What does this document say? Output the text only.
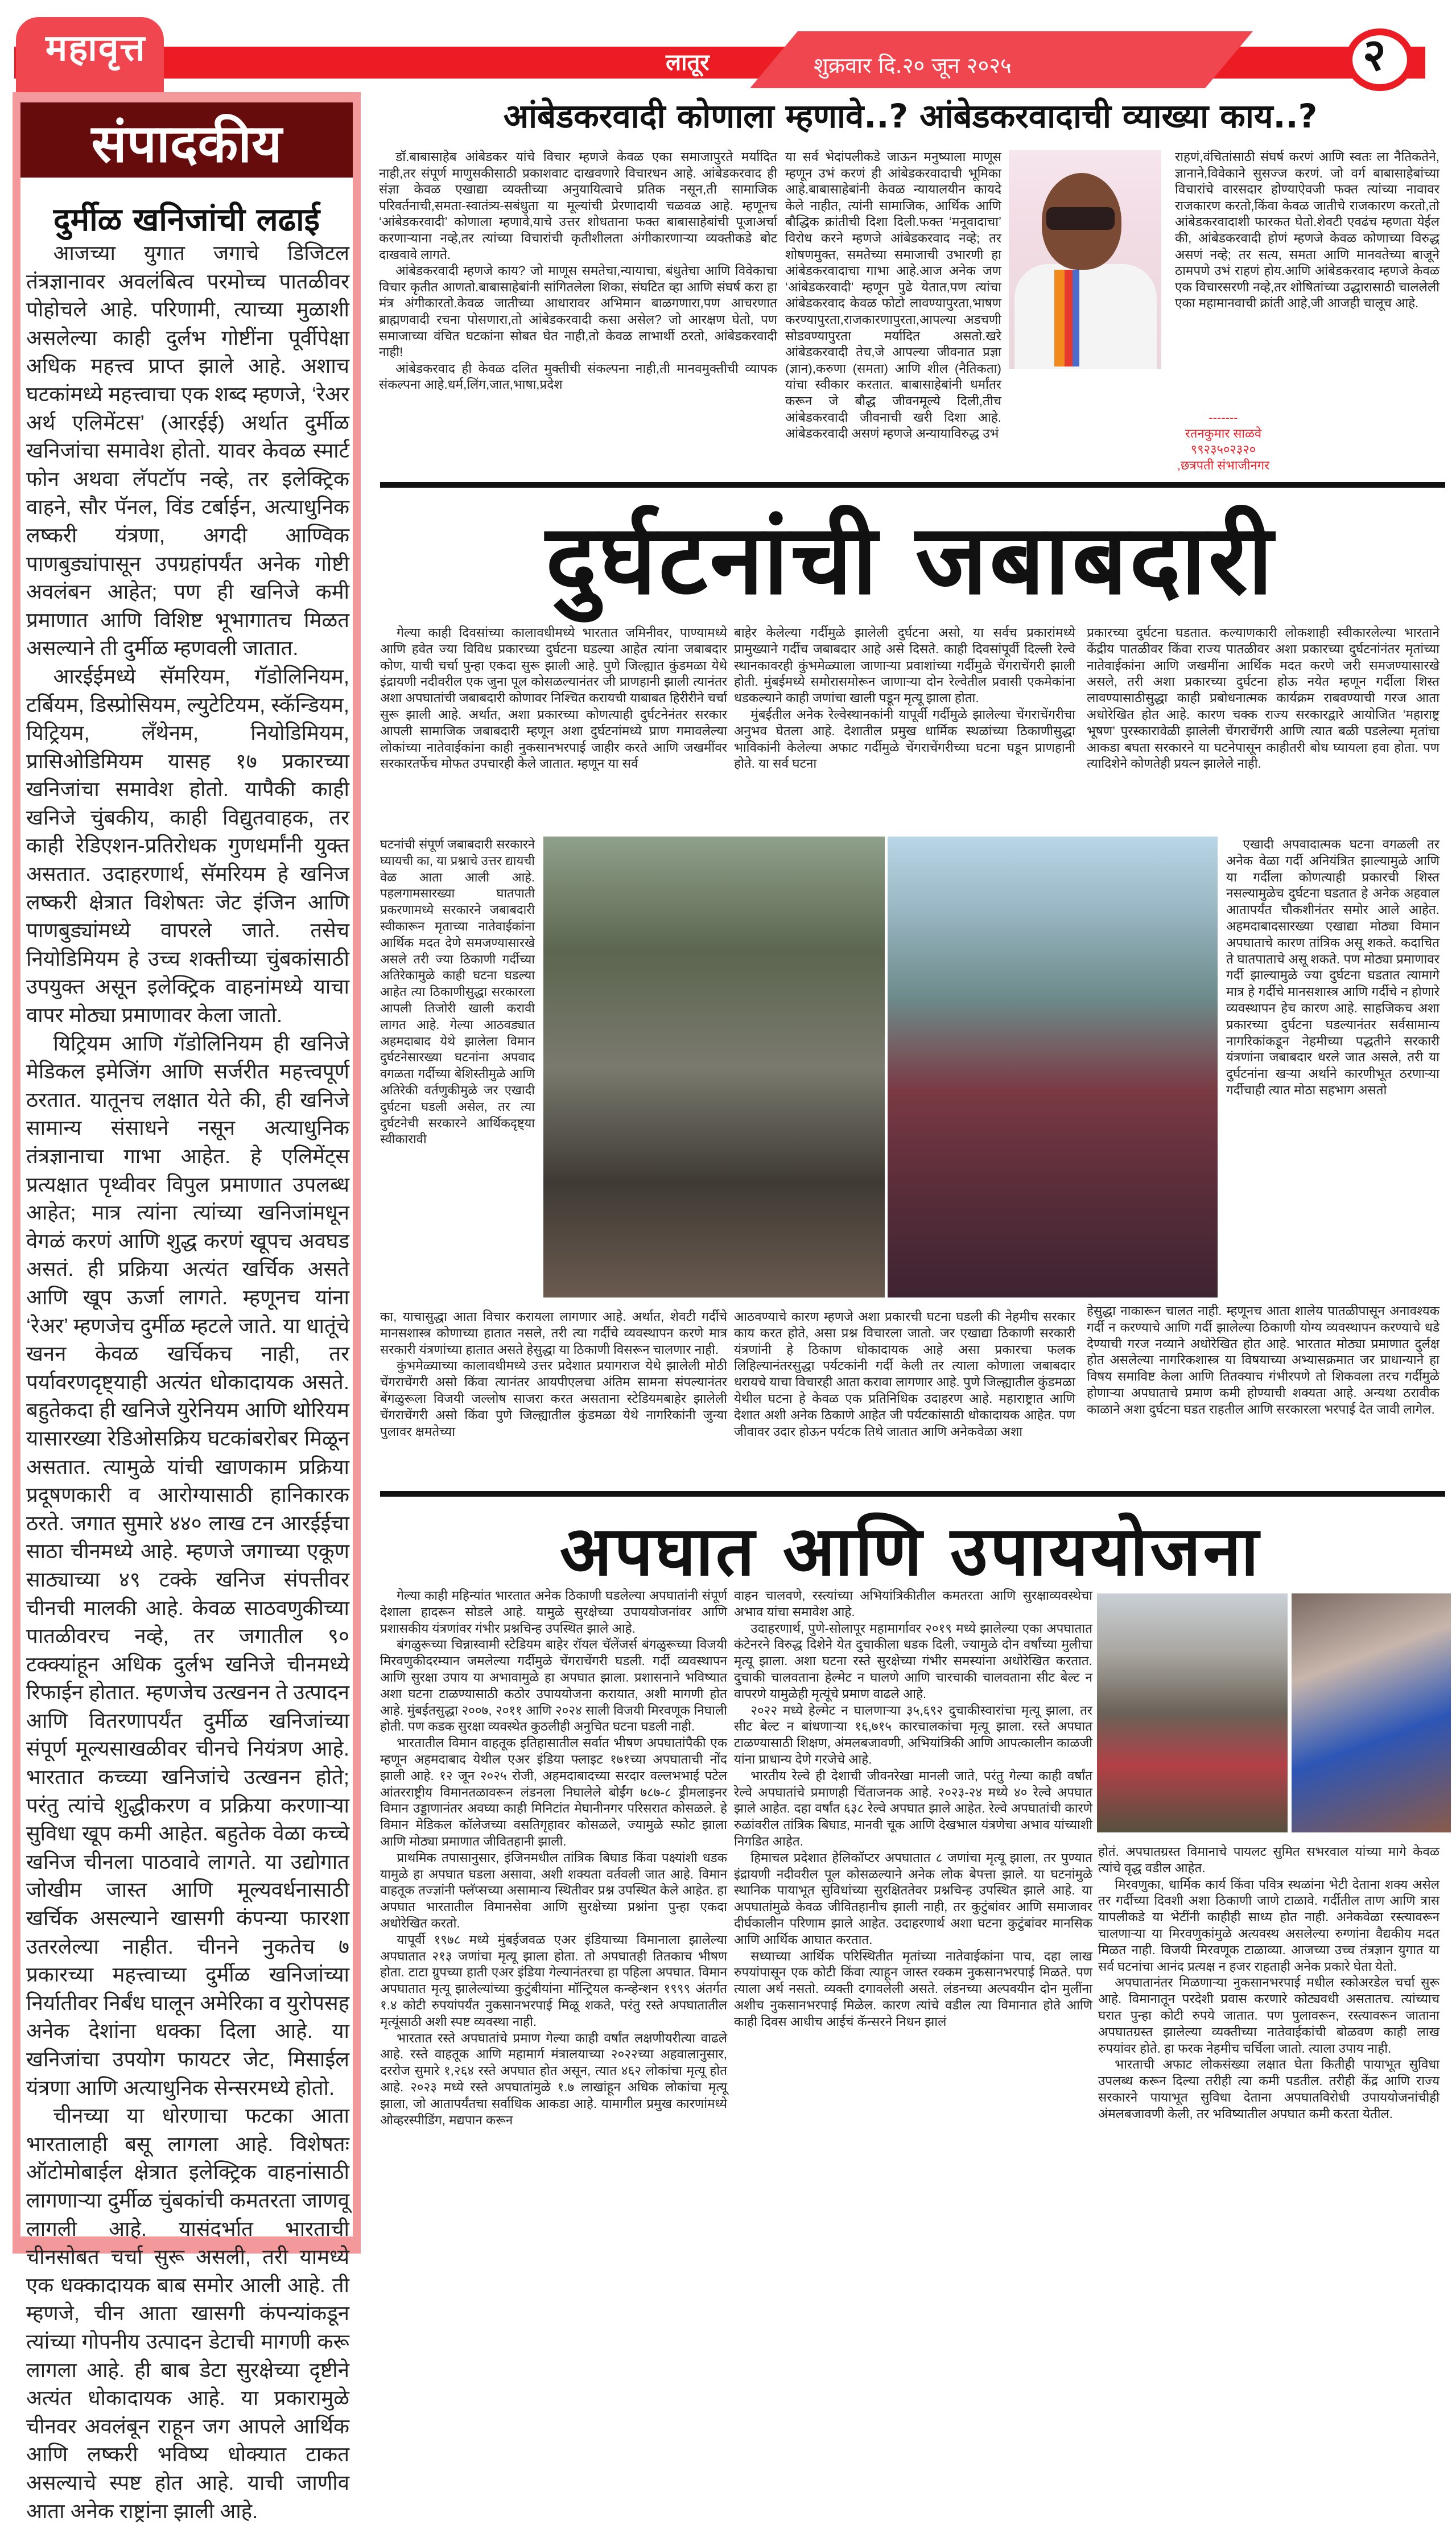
महावृत्त	लातूर	शुक्रवार दि.२० जून २०२५	२
संपादकीय
दुर्मीळ खनिजांची लढाई

आजच्या युगात जगाचे डिजिटल तंत्रज्ञानावर अवलंबित्व परमोच्च पातळीवर पोहोचले आहे. परिणामी, त्याच्या मुळाशी असलेल्या काही दुर्लभ गोष्टींना पूर्वीपेक्षा अधिक महत्त्व प्राप्त झाले आहे. अशाच घटकांमध्ये महत्त्वाचा एक शब्द म्हणजे, ‘रेअर अर्थ एलिमेंटस’ (आरईई) अर्थात दुर्मीळ खनिजांचा समावेश होतो. यावर केवळ स्मार्ट फोन अथवा लॅपटॉप नव्हे, तर इलेक्ट्रिक वाहने, सौर पॅनल, विंड टर्बाईन, अत्याधुनिक लष्करी यंत्रणा, अगदी आण्विक पाणबुड्यांपासून उपग्रहांपर्यंत अनेक गोष्टी अवलंबन आहेत; पण ही खनिजे कमी प्रमाणात आणि विशिष्ट भूभागातच मिळत असल्याने ती दुर्मीळ म्हणवली जातात.

आरईईमध्ये सॅमरियम, गॅडोलिनियम, टर्बियम, डिस्प्रोसियम, ल्युटेटियम, स्कॅन्डियम, यिट्रियम, लॅंथेनम, नियोडिमियम, प्रासिओडिमियम यासह १७ प्रकारच्या खनिजांचा समावेश होतो. यापैकी काही खनिजे चुंबकीय, काही विद्युतवाहक, तर काही रेडिएशन-प्रतिरोधक गुणधर्मांनी युक्त असतात. उदाहरणार्थ, सॅमरियम हे खनिज लष्करी क्षेत्रात विशेषतः जेट इंजिन आणि पाणबुड्यांमध्ये वापरले जाते. तसेच नियोडिमियम हे उच्च शक्तीच्या चुंबकांसाठी उपयुक्त असून इलेक्ट्रिक वाहनांमध्ये याचा वापर मोठ्या प्रमाणावर केला जातो.

यिट्रियम आणि गॅडोलिनियम ही खनिजे मेडिकल इमेजिंग आणि सर्जरीत महत्त्वपूर्ण ठरतात. यातूनच लक्षात येते की, ही खनिजे सामान्य संसाधने नसून अत्याधुनिक तंत्रज्ञानाचा गाभा आहेत. हे एलिमेंट्स प्रत्यक्षात पृथ्वीवर विपुल प्रमाणात उपलब्ध आहेत; मात्र त्यांना त्यांच्या खनिजांमधून वेगळं करणं आणि शुद्ध करणं खूपच अवघड असतं. ही प्रक्रिया अत्यंत खर्चिक असते आणि खूप ऊर्जा लागते. म्हणूनच यांना ‘रेअर’ म्हणजेच दुर्मीळ म्हटले जाते. या धातूंचे खनन केवळ खर्चिकच नाही, तर पर्यावरणदृष्ट्याही अत्यंत धोकादायक असते. बहुतेकदा ही खनिजे युरेनियम आणि थोरियम यासारख्या रेडिओसक्रिय घटकांबरोबर मिळून असतात. त्यामुळे यांची खाणकाम प्रक्रिया प्रदूषणकारी व आरोग्यासाठी हानिकारक ठरते. जगात सुमारे ४४० लाख टन आरईईचा साठा चीनमध्ये आहे. म्हणजे जगाच्या एकूण साठ्याच्या ४९ टक्के खनिज संपत्तीवर चीनची मालकी आहे. केवळ साठवणुकीच्या पातळीवरच नव्हे, तर जगातील ९० टक्क्यांहून अधिक दुर्लभ खनिजे चीनमध्ये रिफाईन होतात. म्हणजेच उत्खनन ते उत्पादन आणि वितरणापर्यंत दुर्मीळ खनिजांच्या संपूर्ण मूल्यसाखळीवर चीनचे नियंत्रण आहे. भारतात कच्च्या खनिजांचे उत्खनन होते; परंतु त्यांचे शुद्धीकरण व प्रक्रिया करणाऱ्या सुविधा खूप कमी आहेत. बहुतेक वेळा कच्चे खनिज चीनला पाठवावे लागते. या उद्योगात जोखीम जास्त आणि मूल्यवर्धनासाठी खर्चिक असल्याने खासगी कंपन्या फारशा उतरलेल्या नाहीत. चीनने नुकतेच ७ प्रकारच्या महत्त्वाच्या दुर्मीळ खनिजांच्या निर्यातीवर निर्बंध घालून अमेरिका व युरोपसह अनेक देशांना धक्का दिला आहे. या खनिजांचा उपयोग फायटर जेट, मिसाईल यंत्रणा आणि अत्याधुनिक सेन्सरमध्ये होतो.

चीनच्या या धोरणाचा फटका आता भारतालाही बसू लागला आहे. विशेषतः ऑटोमोबाईल क्षेत्रात इलेक्ट्रिक वाहनांसाठी लागणाऱ्या दुर्मीळ चुंबकांची कमतरता जाणवू लागली आहे. यासंदर्भात भारताची चीनसोबत चर्चा सुरू असली, तरी यामध्ये एक धक्कादायक बाब समोर आली आहे. ती म्हणजे, चीन आता खासगी कंपन्यांकडून त्यांच्या गोपनीय उत्पादन डेटाची मागणी करू लागला आहे. ही बाब डेटा सुरक्षेच्या दृष्टीने अत्यंत धोकादायक आहे. या प्रकारामुळे चीनवर अवलंबून राहून जग आपले आर्थिक आणि लष्करी भविष्य धोक्यात टाकत असल्याचे स्पष्ट होत आहे. याची जाणीव आता अनेक राष्ट्रांना झाली आहे.

आंबेडकरवादी कोणाला म्हणावे..? आंबेडकरवादाची व्याख्या काय..?

डॉ.बाबासाहेब आंबेडकर यांचे विचार म्हणजे केवळ एका समाजापुरते मर्यादित नाही,तर संपूर्ण माणुसकीसाठी प्रकाशवाट दाखवणारे विचारधन आहे. आंबेडकरवाद ही संज्ञा केवळ एखाद्या व्यक्तीच्या अनुयायित्वाचे प्रतिक नसून,ती सामाजिक परिवर्तनाची,समता-स्वातंत्र्य-सबंधुता या मूल्यांची प्रेरणादायी चळवळ आहे. म्हणूनच ‘आंबेडकरवादी’ कोणाला म्हणावे,याचे उत्तर शोधताना फक्त बाबासाहेबांची पूजाअर्चा करणाऱ्याना नव्हे,तर त्यांच्या विचारांची कृतीशीलता अंगीकारणाऱ्या व्यक्तीकडे बोट दाखवावे लागते.

आंबेडकरवादी म्हणजे काय? जो माणूस समतेचा,न्यायाचा, बंधुतेचा आणि विवेकाचा विचार कृतीत आणतो.बाबासाहेबांनी सांगितलेला शिका, संघटित व्हा आणि संघर्ष करा हा मंत्र अंगीकारतो.केवळ जातीच्या आधारावर अभिमान बाळगणारा,पण आचरणात ब्राह्मणवादी रचना पोसणारा,तो आंबेडकरवादी कसा असेल? जो आरक्षण घेतो, पण समाजाच्या वंचित घटकांना सोबत घेत नाही,तो केवळ लाभार्थी ठरतो, आंबेडकरवादी नाही!

आंबेडकरवाद ही केवळ दलित मुक्तीची संकल्पना नाही,ती मानवमुक्तीची व्यापक संकल्पना आहे.धर्म,लिंग,जात,भाषा,प्रदेश

या सर्व भेदांपलीकडे जाऊन मनुष्याला माणूस म्हणून उभं करणं ही आंबेडकरवादाची भूमिका आहे.बाबासाहेबांनी केवळ न्यायालयीन कायदे केले नाहीत, त्यांनी सामाजिक, आर्थिक आणि बौद्धिक क्रांतीची दिशा दिली.फक्त ‘मनूवादाचा’ विरोध करने म्हणजे आंबेडकरवाद नव्हे; तर शोषणमुक्त, समतेच्या समाजाची उभारणी हा आंबेडकरवादाचा गाभा आहे.आज अनेक जण ‘आंबेडकरवादी’ म्हणून पुढे येतात,पण त्यांचा आंबेडकरवाद केवळ फोटो लावण्यापुरता,भाषण करण्यापुरता,राजकारणापुरता,आपल्या अडचणी सोडवण्यापुरता मर्यादित असतो.खरे आंबेडकरवादी तेच,जे आपल्या जीवनात प्रज्ञा (ज्ञान),करुणा (समता) आणि शील (नैतिकता) यांचा स्वीकार करतात. बाबासाहेबांनी धर्मांतर करून जे बौद्ध जीवनमूल्ये दिली,तीच आंबेडकरवादी जीवनाची खरी दिशा आहे. आंबेडकरवादी असणं म्हणजे अन्यायाविरुद्ध उभं

राहणं,वंचितांसाठी संघर्ष करणं आणि स्वतः ला नैतिकतेने, ज्ञानाने,विवेकाने सुसज्ज करणं. जो वर्ग बाबासाहेबांच्या विचारांचे वारसदार होण्याऐवजी फक्त त्यांच्या नावावर राजकारण करतो,किंवा केवळ जातीचे राजकारण करतो,तो आंबेडकरवादाशी फारकत घेतो.शेवटी एवढंच म्हणता येईल की, आंबेडकरवादी होणं म्हणजे केवळ कोणाच्या विरुद्ध असणं नव्हे; तर सत्य, समता आणि मानवतेच्या बाजूने ठामपणे उभं राहणं होय.आणि आंबेडकरवाद म्हणजे केवळ एक विचारसरणी नव्हे,तर शोषितांच्या उद्धारासाठी चाललेली एका महामानवाची क्रांती आहे,जी आजही चालूच आहे.

-------
रतनकुमार साळवे
९९२३५०२३२०
,छत्रपती संभाजीनगर
दुर्घटनांची जबाबदारी

गेल्या काही दिवसांच्या कालावधीमध्ये भारतात जमिनीवर, पाण्यामध्ये आणि हवेत ज्या विविध प्रकारच्या दुर्घटना घडल्या आहेत त्यांना जबाबदार कोण, याची चर्चा पुन्हा एकदा सुरू झाली आहे. पुणे जिल्ह्यात कुंडमळा येथे इंद्रायणी नदीवरील एक जुना पूल कोसळल्यानंतर जी प्राणहानी झाली त्यानंतर अशा अपघातांची जबाबदारी कोणावर निश्चित करायची याबाबत हिरीरीने चर्चा सुरू झाली आहे. अर्थात, अशा प्रकारच्या कोणत्याही दुर्घटनेनंतर सरकार आपली सामाजिक जबाबदारी म्हणून अशा दुर्घटनांमध्ये प्राण गमावलेल्या लोकांच्या नातेवाईकांना काही नुकसानभरपाई जाहीर करते आणि जखमींवर सरकारतर्फेच मोफत उपचारही केले जातात. म्हणून या सर्व

घटनांची संपूर्ण जबाबदारी सरकारने घ्यायची का, या प्रश्नाचे उत्तर द्यायची वेळ आता आली आहे. पहलगामसारख्या घातपाती प्रकरणामध्ये सरकारने जबाबदारी स्वीकारून मृताच्या नातेवाईकांना आर्थिक मदत देणे समजण्यासारखे असले तरी ज्या ठिकाणी गर्दीच्या अतिरेकामुळे काही घटना घडल्या आहेत त्या ठिकाणीसुद्धा सरकारला आपली तिजोरी खाली करावी लागत आहे. गेल्या आठवड्यात अहमदाबाद येथे झालेला विमान दुर्घटनेसारख्या घटनांना अपवाद वगळता गर्दीच्या बेशिस्तीमुळे आणि अतिरेकी वर्तणुकीमुळे जर एखादी दुर्घटना घडली असेल, तर त्या दुर्घटनेची सरकारने आर्थिकदृष्ट्या स्वीकारावी

बाहेर केलेल्या गर्दीमुळे झालेली दुर्घटना असो, या सर्वच प्रकारांमध्ये प्रामुख्याने गर्दीच जबाबदार आहे असे दिसते. काही दिवसांपूर्वी दिल्ली रेल्वे स्थानकावरही कुंभमेळ्याला जाणाऱ्या प्रवाशांच्या गर्दीमुळे चेंगराचेंगरी झाली होती. मुंबईमध्ये समोरासमोरून जाणाऱ्या दोन रेल्वेतील प्रवासी एकमेकांना धडकल्याने काही जणांचा खाली पडून मृत्यू झाला होता.

मुंबईतील अनेक रेल्वेस्थानकांनी यापूर्वी गर्दीमुळे झालेल्या चेंगराचेंगरीचा अनुभव घेतला आहे. देशातील प्रमुख धार्मिक स्थळांच्या ठिकाणीसुद्धा भाविकांनी केलेल्या अफाट गर्दीमुळे चेंगराचेंगरीच्या घटना घडून प्राणहानी होते. या सर्व घटना

प्रकारच्या दुर्घटना घडतात. कल्याणकारी लोकशाही स्वीकारलेल्या भारताने केंद्रीय पातळीवर किंवा राज्य पातळीवर अशा प्रकारच्या दुर्घटनांनंतर मृतांच्या नातेवाईकांना आणि जखमींना आर्थिक मदत करणे जरी समजण्यासारखे असले, तरी अशा प्रकारच्या दुर्घटना होऊ नयेत म्हणून गर्दीला शिस्त लावण्यासाठीसुद्धा काही प्रबोधनात्मक कार्यक्रम राबवण्याची गरज आता अधोरेखित होत आहे. कारण चक्क राज्य सरकारद्वारे आयोजित ‘महाराष्ट्र भूषण’ पुरस्कारावेळी झालेली चेंगराचेंगरी आणि त्यात बळी पडलेल्या मृतांचा आकडा बघता सरकारने या घटनेपासून काहीतरी बोध घ्यायला हवा होता. पण त्यादिशेने कोणतेही प्रयत्न झालेले नाही.

एखादी अपवादात्मक घटना वगळली तर अनेक वेळा गर्दी अनियंत्रित झाल्यामुळे आणि या गर्दीला कोणत्याही प्रकारची शिस्त नसल्यामुळेच दुर्घटना घडतात हे अनेक अहवाल आतापर्यंत चौकशीनंतर समोर आले आहेत. अहमदाबादसारख्या एखाद्या मोठ्या विमान अपघाताचे कारण तांत्रिक असू शकते. कदाचित ते घातपाताचे असू शकते. पण मोठ्या प्रमाणावर गर्दी झाल्यामुळे ज्या दुर्घटना घडतात त्यामागे मात्र हे गर्दीचे मानसशास्त्र आणि गर्दीचे न होणारे व्यवस्थापन हेच कारण आहे. साहजिकच अशा प्रकारच्या दुर्घटना घडल्यानंतर सर्वसामान्य नागरिकांकडून नेहमीच्या पद्धतीने सरकारी यंत्रणांना जबाबदार धरले जात असले, तरी या दुर्घटनांना खऱ्या अर्थाने कारणीभूत ठरणाऱ्या गर्दीचाही त्यात मोठा सहभाग असतो

का, याचासुद्धा आता विचार करायला लागणार आहे. अर्थात, शेवटी गर्दीचे मानसशास्त्र कोणाच्या हातात नसले, तरी त्या गर्दीचे व्यवस्थापन करणे मात्र सरकारी यंत्रणांच्या हातात असते हेसुद्धा या ठिकाणी विसरून चालणार नाही.

कुंभमेळ्याच्या कालावधीमध्ये उत्तर प्रदेशात प्रयागराज येथे झालेली मोठी चेंगराचेंगरी असो किंवा त्यानंतर आयपीएलचा अंतिम सामना संपल्यानंतर बेंगळुरूला विजयी जल्लोष साजरा करत असताना स्टेडियमबाहेर झालेली चेंगराचेंगरी असो किंवा पुणे जिल्ह्यातील कुंडमळा येथे नागरिकांनी जुन्या पुलावर क्षमतेच्या

आठवण्याचे कारण म्हणजे अशा प्रकारची घटना घडली की नेहमीच सरकार काय करत होते, असा प्रश्न विचारला जातो. जर एखाद्या ठिकाणी सरकारी यंत्रणांनी हे ठिकाण धोकादायक आहे असा प्रकारचा फलक लिहिल्यानंतरसुद्धा पर्यटकांनी गर्दी केली तर त्याला कोणाला जबाबदार धरायचे याचा विचारही आता करावा लागणार आहे. पुणे जिल्ह्यातील कुंडमळा येथील घटना हे केवळ एक प्रतिनिधिक उदाहरण आहे. महाराष्ट्रात आणि देशात अशी अनेक ठिकाणे आहेत जी पर्यटकांसाठी धोकादायक आहेत. पण जीवावर उदार होऊन पर्यटक तिथे जातात आणि अनेकवेळा अशा

हेसुद्धा नाकारून चालत नाही. म्हणूनच आता शालेय पातळीपासून अनावश्यक गर्दी न करण्याचे आणि गर्दी झालेल्या ठिकाणी योग्य व्यवस्थापन करण्याचे धडे देण्याची गरज नव्याने अधोरेखित होत आहे. भारतात मोठ्या प्रमाणात दुर्लक्ष होत असलेल्या नागरिकशास्त्र या विषयाच्या अभ्यासक्रमात जर प्राधान्याने हा विषय समाविष्ट केला आणि तितक्याच गंभीरपणे तो शिकवला तरच गर्दीमुळे होणाऱ्या अपघाताचे प्रमाण कमी होण्याची शक्यता आहे. अन्यथा ठरावीक काळाने अशा दुर्घटना घडत राहतील आणि सरकारला भरपाई देत जावी लागेल.

अपघात आणि उपाययोजना

गेल्या काही महिन्यांत भारतात अनेक ठिकाणी घडलेल्या अपघातांनी संपूर्ण देशाला हादरून सोडले आहे. यामुळे सुरक्षेच्या उपाययोजनांवर आणि प्रशासकीय यंत्रणांवर गंभीर प्रश्नचिन्ह उपस्थित झाले आहे.

बंगळुरूच्या चिन्नास्वामी स्टेडियम बाहेर रॉयल चॅलेंजर्स बंगळुरूच्या विजयी मिरवणुकीदरम्यान जमलेल्या गर्दीमुळे चेंगराचेंगरी घडली. गर्दी व्यवस्थापन आणि सुरक्षा उपाय या अभावामुळे हा अपघात झाला. प्रशासनाने भविष्यात अशा घटना टाळण्यासाठी कठोर उपाययोजना करायात, अशी मागणी होत आहे. मुंबईतसुद्धा २००७, २०११ आणि २०२४ साली विजयी मिरवणूक निघाली होती. पण कडक सुरक्षा व्यवस्थेत कुठलीही अनुचित घटना घडली नाही.

भारतातील विमान वाहतूक इतिहासातील सर्वात भीषण अपघातांपैकी एक म्हणून अहमदाबाद येथील एअर इंडिया फ्लाइट १७१च्या अपघाताची नोंद झाली आहे. १२ जून २०२५ रोजी, अहमदाबादच्या सरदार वल्लभभाई पटेल आंतरराष्ट्रीय विमानतळावरून लंडनला निघालेले बोईंग ७८७-८ ड्रीमलाइनर विमान उड्डाणानंतर अवघ्या काही मिनिटांत मेघानीनगर परिसरात कोसळले. हे विमान मेडिकल कॉलेजच्या वसतिगृहावर कोसळले, ज्यामुळे स्फोट झाला आणि मोठ्या प्रमाणात जीवितहानी झाली.

प्राथमिक तपासानुसार, इंजिनमधील तांत्रिक बिघाड किंवा पक्ष्यांशी धडक यामुळे हा अपघात घडला असावा, अशी शक्यता वर्तवली जात आहे. विमान वाहतूक तज्ज्ञांनी फ्लॅप्सच्या असामान्य स्थितीवर प्रश्न उपस्थित केले आहेत. हा अपघात भारतातील विमानसेवा आणि सुरक्षेच्या प्रश्नांना पुन्हा एकदा अधोरेखित करतो.

यापूर्वी १९७८ मध्ये मुंबईजवळ एअर इंडियाच्या विमानाला झालेल्या अपघातात २१३ जणांचा मृत्यू झाला होता. तो अपघातही तितकाच भीषण होता. टाटा ग्रुपच्या हाती एअर इंडिया गेल्यानंतरचा हा पहिला अपघात. विमान अपघातात मृत्यू झालेल्यांच्या कुटुंबीयांना मॉन्ट्रियल कन्व्हेन्शन १९९९ अंतर्गत १.४ कोटी रुपयांपर्यंत नुकसानभरपाई मिळू शकते, परंतु रस्ते अपघातातील मृत्यूंसाठी अशी स्पष्ट व्यवस्था नाही.

भारतात रस्ते अपघातांचे प्रमाण गेल्या काही वर्षांत लक्षणीयरीत्या वाढले आहे. रस्ते वाहतूक आणि महामार्ग मंत्रालयाच्या २०२२च्या अहवालानुसार, दररोज सुमारे १,२६४ रस्ते अपघात होत असून, त्यात ४६२ लोकांचा मृत्यू होत आहे. २०२३ मध्ये रस्ते अपघातांमुळे १.७ लाखांहून अधिक लोकांचा मृत्यू झाला, जो आतापर्यंतचा सर्वाधिक आकडा आहे. यामागील प्रमुख कारणांमध्ये ओव्हरस्पीडिंग, मद्यपान करून

वाहन चालवणे, रस्त्यांच्या अभियांत्रिकीतील कमतरता आणि सुरक्षाव्यवस्थेचा अभाव यांचा समावेश आहे.

उदाहरणार्थ, पुणे-सोलापूर महामार्गावर २०१९ मध्ये झालेल्या एका अपघातात कंटेनरने विरुद्ध दिशेने येत दुचाकीला धडक दिली, ज्यामुळे दोन वर्षांच्या मुलीचा मृत्यू झाला. अशा घटना रस्ते सुरक्षेच्या गंभीर समस्यांना अधोरेखित करतात. दुचाकी चालवताना हेल्मेट न घालणे आणि चारचाकी चालवताना सीट बेल्ट न वापरणे यामुळेही मृत्यूंचे प्रमाण वाढले आहे.

२०२२ मध्ये हेल्मेट न घालणाऱ्या ३५,६९२ दुचाकीस्वारांचा मृत्यू झाला, तर सीट बेल्ट न बांधणाऱ्या १६,७१५ कारचालकांचा मृत्यू झाला. रस्ते अपघात टाळण्यासाठी शिक्षण, अंमलबजावणी, अभियांत्रिकी आणि आपत्कालीन काळजी यांना प्राधान्य देणे गरजेचे आहे.

भारतीय रेल्वे ही देशाची जीवनरेखा मानली जाते, परंतु गेल्या काही वर्षांत रेल्वे अपघातांचे प्रमाणही चिंताजनक आहे. २०२३-२४ मध्ये ४० रेल्वे अपघात झाले आहेत. दहा वर्षांत ६३८ रेल्वे अपघात झाले आहेत. रेल्वे अपघातांची कारणे रुळांवरील तांत्रिक बिघाड, मानवी चूक आणि देखभाल यंत्रणेचा अभाव यांच्याशी निगडित आहेत.

हिमाचल प्रदेशात हेलिकॉप्टर अपघातात ८ जणांचा मृत्यू झाला, तर पुण्यात इंद्रायणी नदीवरील पूल कोसळल्याने अनेक लोक बेपत्ता झाले. या घटनांमुळे स्थानिक पायाभूत सुविधांच्या सुरक्षिततेवर प्रश्नचिन्ह उपस्थित झाले आहे. या अपघातांमुळे केवळ जीवितहानीच झाली नाही, तर कुटुंबांवर आणि समाजावर दीर्घकालीन परिणाम झाले आहेत. उदाहरणार्थ अशा घटना कुटुंबांवर मानसिक आणि आर्थिक आघात करतात.

सध्याच्या आर्थिक परिस्थितीत मृतांच्या नातेवाईकांना पाच, दहा लाख रुपयांपासून एक कोटी किंवा त्याहून जास्त रक्कम नुकसानभरपाई मिळते. पण त्याला अर्थ नसतो. व्यक्ती दगावलेली असते. लंडनच्या अल्पवयीन दोन मुलींना अशीच नुकसानभरपाई मिळेल. कारण त्यांचे वडील त्या विमानात होते आणि काही दिवस आधीच आईचं कॅन्सरने निधन झालं

होतं. अपघातग्रस्त विमानाचे पायलट सुमित सभरवाल यांच्या मागे केवळ त्यांचे वृद्ध वडील आहेत.

मिरवणुका, धार्मिक कार्य किंवा पवित्र स्थळांना भेटी देताना शक्य असेल तर गर्दीच्या दिवशी अशा ठिकाणी जाणे टाळावे. गर्दीतील ताण आणि त्रास यापलीकडे या भेटींनी काहीही साध्य होत नाही. अनेकवेळा रस्त्यावरून चालणाऱ्या या मिरवणुकांमुळे अत्यवस्थ असलेल्या रुग्णांना वैद्यकीय मदत मिळत नाही. विजयी मिरवणूक टाळाव्या. आजच्या उच्च तंत्रज्ञान युगात या सर्व घटनांचा आनंद प्रत्यक्ष न हजर राहताही अनेक प्रकारे घेता येतो.

अपघातानंतर मिळणाऱ्या नुकसानभरपाई मधील स्कोअरडेल चर्चा सुरू आहे. विमानातून परदेशी प्रवास करणारे कोट्यवधी असतातच. त्यांच्याच घरात पुन्हा कोटी रुपये जातात. पण पुलावरून, रस्त्यावरून जाताना अपघातग्रस्त झालेल्या व्यक्तीच्या नातेवाईकांची बोळवण काही लाख रुपयांवर होते. हा फरक नेहमीच चर्चिला जातो. त्याला उपाय नाही.

भारताची अफाट लोकसंख्या लक्षात घेता कितीही पायाभूत सुविधा उपलब्ध करून दिल्या तरीही त्या कमी पडतील. तरीही केंद्र आणि राज्य सरकारने पायाभूत सुविधा देताना अपघातविरोधी उपाययोजनांचीही अंमलबजावणी केली, तर भविष्यातील अपघात कमी करता येतील.
